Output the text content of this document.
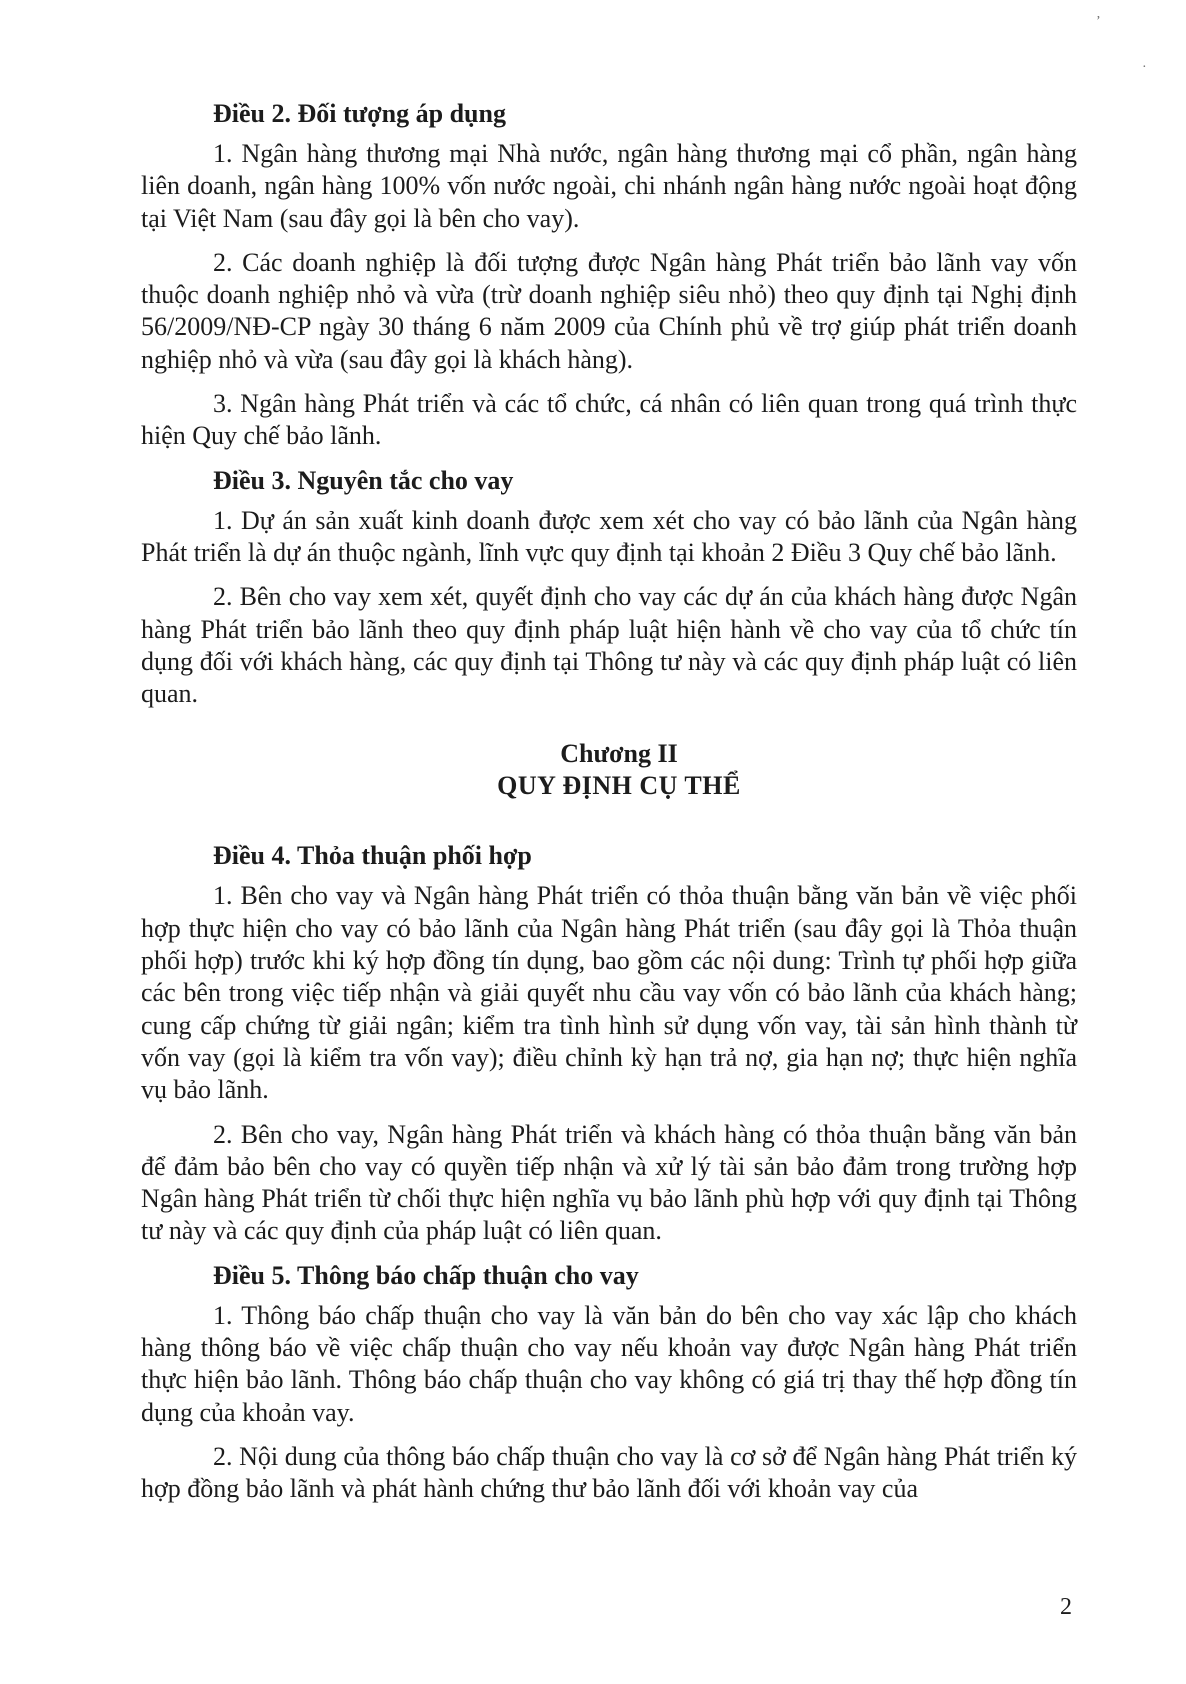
ʼ
·
Điều 2. Đối tượng áp dụng

1. Ngân hàng thương mại Nhà nước, ngân hàng thương mại cổ phần, ngân hàng liên doanh, ngân hàng 100% vốn nước ngoài, chi nhánh ngân hàng nước ngoài hoạt động tại Việt Nam (sau đây gọi là bên cho vay).

2. Các doanh nghiệp là đối tượng được Ngân hàng Phát triển bảo lãnh vay vốn thuộc doanh nghiệp nhỏ và vừa (trừ doanh nghiệp siêu nhỏ) theo quy định tại Nghị định 56/2009/NĐ-CP ngày 30 tháng 6 năm 2009 của Chính phủ về trợ giúp phát triển doanh nghiệp nhỏ và vừa (sau đây gọi là khách hàng).

3. Ngân hàng Phát triển và các tổ chức, cá nhân có liên quan trong quá trình thực hiện Quy chế bảo lãnh.

Điều 3. Nguyên tắc cho vay

1. Dự án sản xuất kinh doanh được xem xét cho vay có bảo lãnh của Ngân hàng Phát triển là dự án thuộc ngành, lĩnh vực quy định tại khoản 2 Điều 3 Quy chế bảo lãnh.

2. Bên cho vay xem xét, quyết định cho vay các dự án của khách hàng được Ngân hàng Phát triển bảo lãnh theo quy định pháp luật hiện hành về cho vay của tổ chức tín dụng đối với khách hàng, các quy định tại Thông tư này và các quy định pháp luật có liên quan.

Chương II
QUY ĐỊNH CỤ THỂ
Điều 4. Thỏa thuận phối hợp

1. Bên cho vay và Ngân hàng Phát triển có thỏa thuận bằng văn bản về việc phối hợp thực hiện cho vay có bảo lãnh của Ngân hàng Phát triển (sau đây gọi là Thỏa thuận phối hợp) trước khi ký hợp đồng tín dụng, bao gồm các nội dung: Trình tự phối hợp giữa các bên trong việc tiếp nhận và giải quyết nhu cầu vay vốn có bảo lãnh của khách hàng; cung cấp chứng từ giải ngân; kiểm tra tình hình sử dụng vốn vay, tài sản hình thành từ vốn vay (gọi là kiểm tra vốn vay); điều chỉnh kỳ hạn trả nợ, gia hạn nợ; thực hiện nghĩa vụ bảo lãnh.

2. Bên cho vay, Ngân hàng Phát triển và khách hàng có thỏa thuận bằng văn bản để đảm bảo bên cho vay có quyền tiếp nhận và xử lý tài sản bảo đảm trong trường hợp Ngân hàng Phát triển từ chối thực hiện nghĩa vụ bảo lãnh phù hợp với quy định tại Thông tư này và các quy định của pháp luật có liên quan.

Điều 5. Thông báo chấp thuận cho vay

1. Thông báo chấp thuận cho vay là văn bản do bên cho vay xác lập cho khách hàng thông báo về việc chấp thuận cho vay nếu khoản vay được Ngân hàng Phát triển thực hiện bảo lãnh. Thông báo chấp thuận cho vay không có giá trị thay thế hợp đồng tín dụng của khoản vay.

2. Nội dung của thông báo chấp thuận cho vay là cơ sở để Ngân hàng Phát triển ký hợp đồng bảo lãnh và phát hành chứng thư bảo lãnh đối với khoản vay của

2
